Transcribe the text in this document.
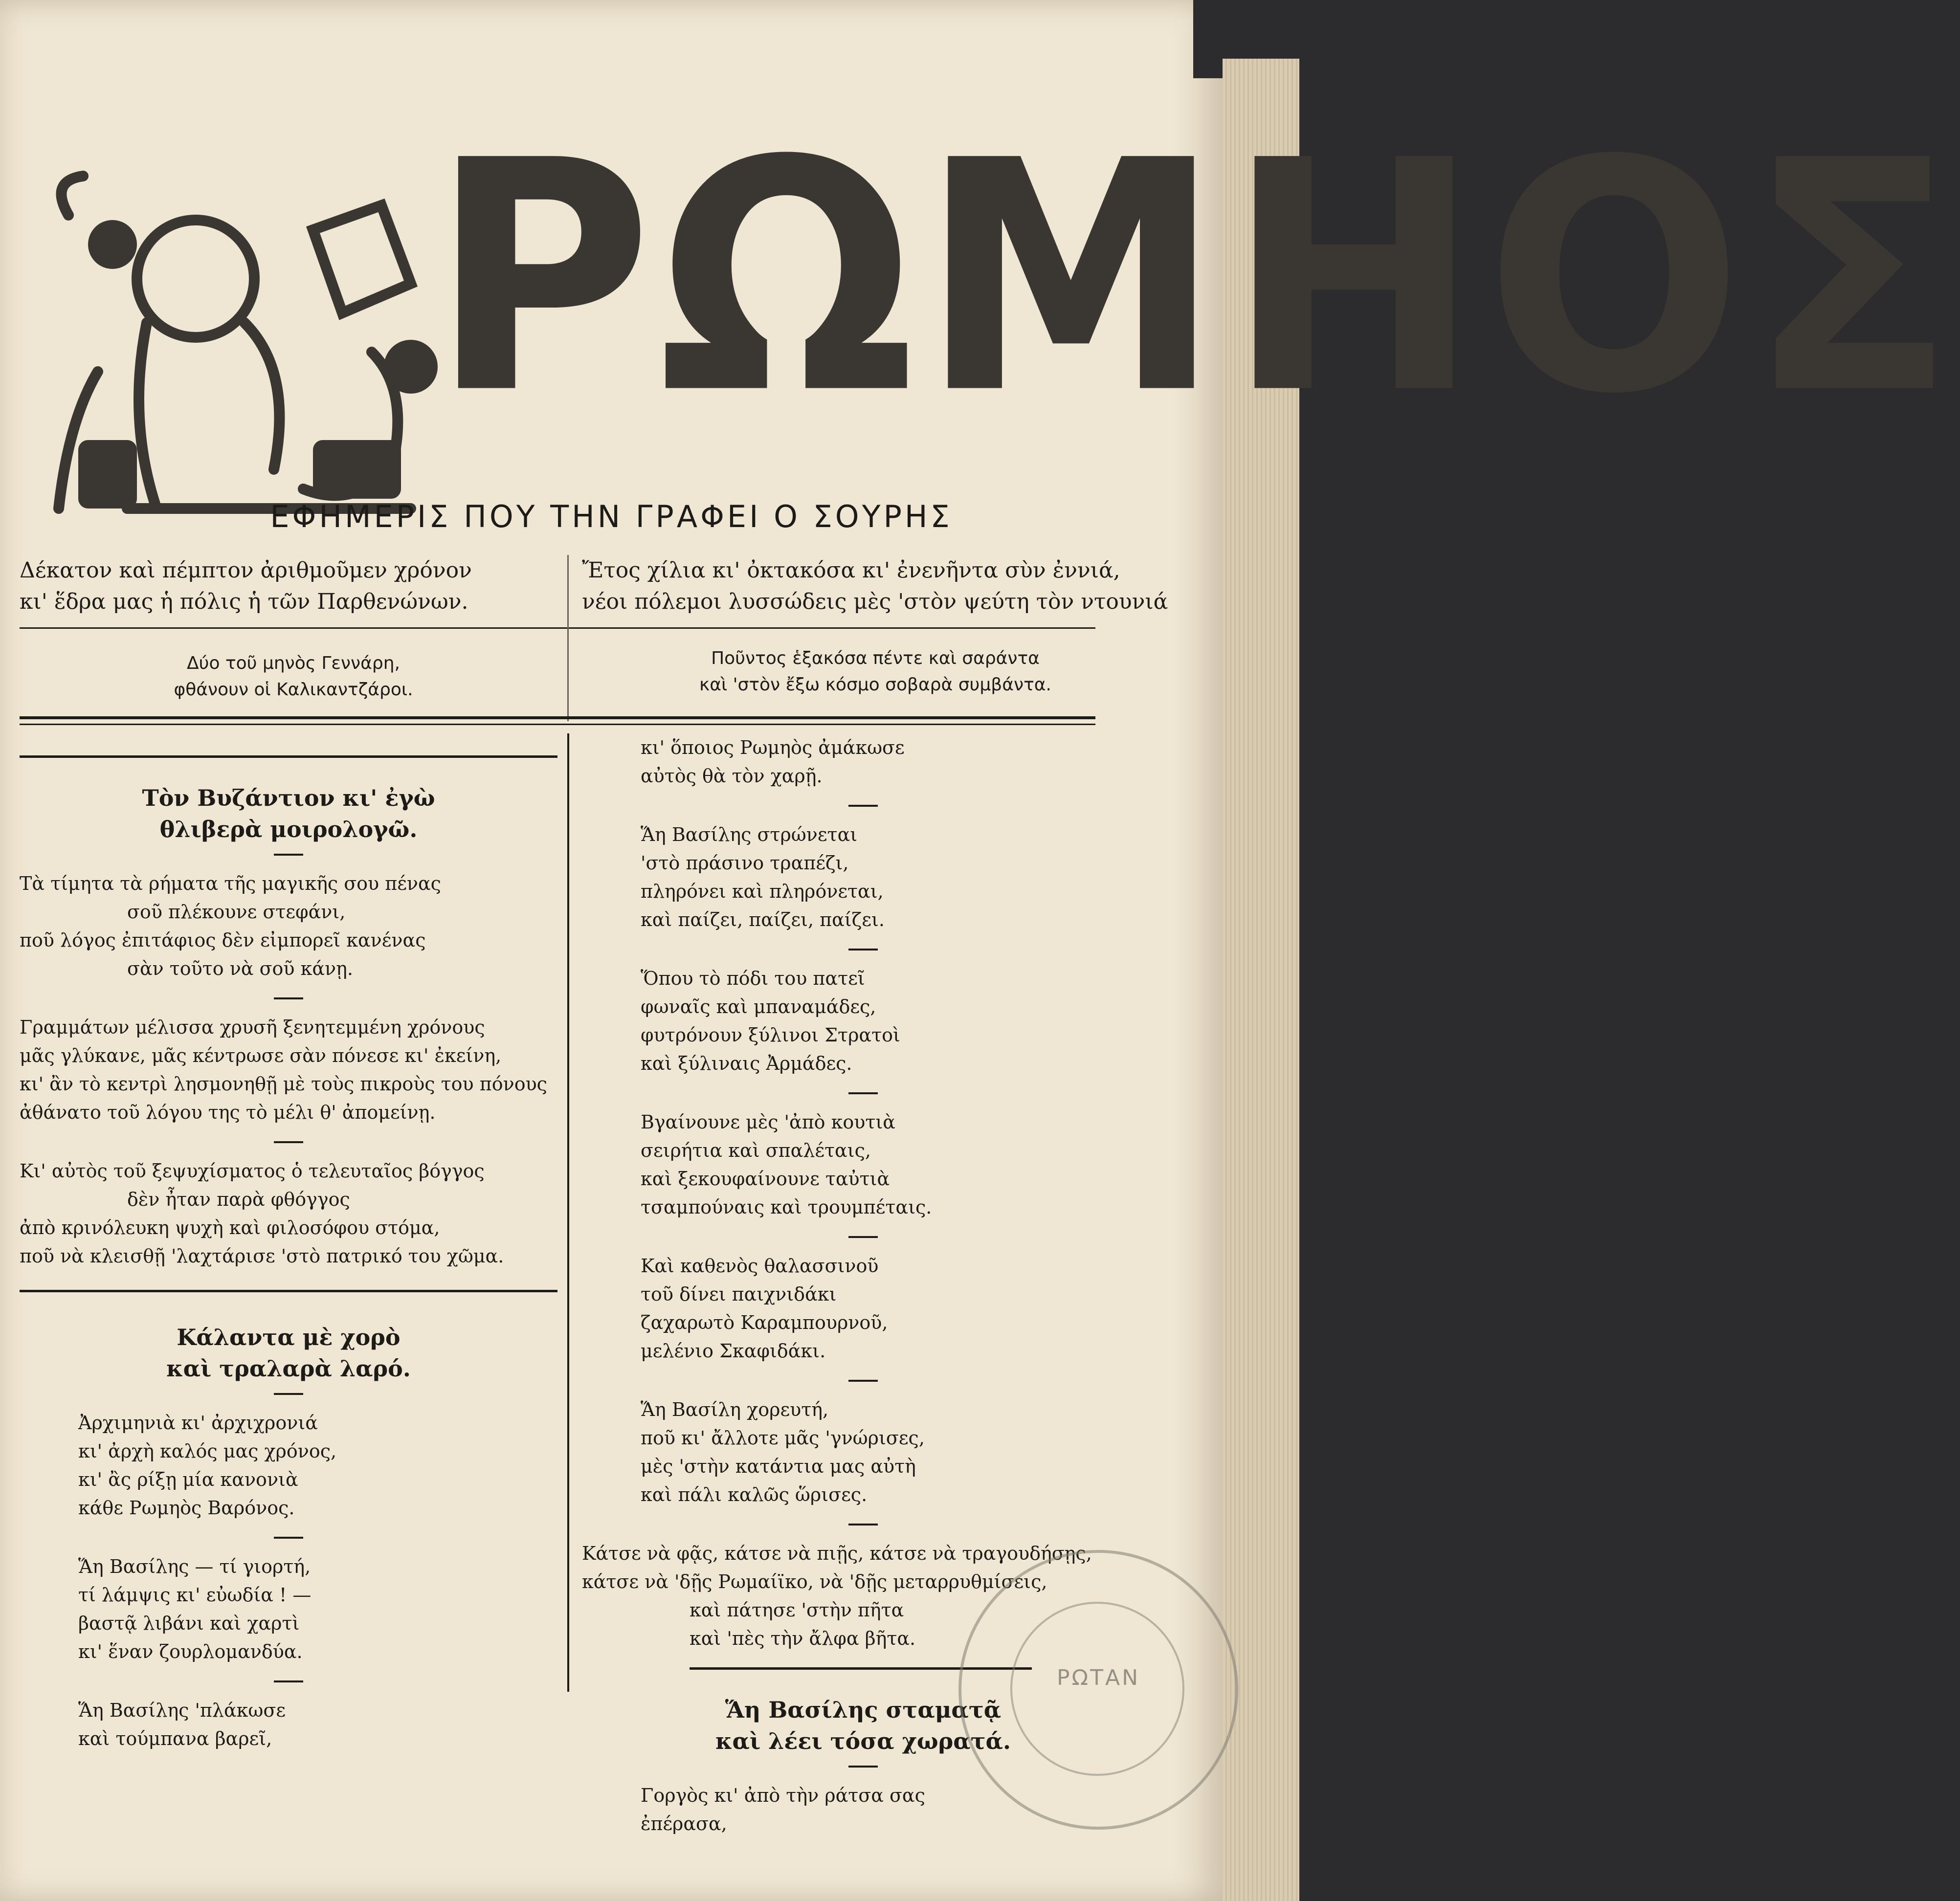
ΡΩΜΗΟΣ
ΕΦΗΜΕΡΙΣ ΠΟΥ ΤΗΝ ΓΡΑΦΕΙ Ο ΣΟΥΡΗΣ
Δέκατον καὶ πέμπτον ἀριθμοῦμεν χρόνον
κι' ἕδρα μας ἡ πόλις ἡ τῶν Παρθενώνων.
Ἔτος χίλια κι' ὀκτακόσα κι' ἐνενῆντα σὺν ἐννιά,
νέοι πόλεμοι λυσσώδεις μὲς 'στὸν ψεύτη τὸν ντουνιά
Δύο τοῦ μηνὸς Γεννάρη,
φθάνουν οἱ Καλικαντζάροι.
Ποῦντος ἑξακόσα πέντε καὶ σαράντα
καὶ 'στὸν ἔξω κόσμο σοβαρὰ συμβάντα.
Τὸν Βυζάντιον κι' ἐγὼ
θλιβερὰ μοιρολογῶ.

Τὰ τίμητα τὰ ρήματα τῆς μαγικῆς σου πένας

σοῦ πλέκουνε στεφάνι,

ποῦ λόγος ἐπιτάφιος δὲν εἰμπορεῖ κανένας

σὰν τοῦτο νὰ σοῦ κάνῃ.

Γραμμάτων μέλισσα χρυσῆ ξενητεμμένη χρόνους

μᾶς γλύκανε, μᾶς κέντρωσε σὰν πόνεσε κι' ἐκείνη,

κι' ἂν τὸ κεντρὶ λησμονηθῇ μὲ τοὺς πικροὺς του πόνους

ἀθάνατο τοῦ λόγου της τὸ μέλι θ' ἀπομείνῃ.

Κι' αὐτὸς τοῦ ξεψυχίσματος ὁ τελευταῖος βόγγος

δὲν ἦταν παρὰ φθόγγος

ἀπὸ κρινόλευκη ψυχὴ καὶ φιλοσόφου στόμα,

ποῦ νὰ κλεισθῇ 'λαχτάρισε 'στὸ πατρικό του χῶμα.

Κάλαντα μὲ χορὸ
καὶ τραλαρὰ λαρό.

Ἀρχιμηνιὰ κι' ἀρχιχρονιά

κι' ἀρχὴ καλός μας χρόνος,

κι' ἂς ρίξῃ μία κανονιὰ

κάθε Ρωμηὸς Βαρόνος.

Ἅη Βασίλης — τί γιορτή,

τί λάμψις κι' εὐωδία ! —

βαστᾷ λιβάνι καὶ χαρτὶ

κι' ἕναν ζουρλομανδύα.

Ἅη Βασίλης 'πλάκωσε

καὶ τούμπανα βαρεῖ,

κι' ὅποιος Ρωμηὸς ἀμάκωσε

αὐτὸς θὰ τὸν χαρῇ.

Ἅη Βασίλης στρώνεται

'στὸ πράσινο τραπέζι,

πληρόνει καὶ πληρόνεται,

καὶ παίζει, παίζει, παίζει.

Ὅπου τὸ πόδι του πατεῖ

φωναῖς καὶ μπαναμάδες,

φυτρόνουν ξύλινοι Στρατοὶ

καὶ ξύλιναις Ἀρμάδες.

Βγαίνουνε μὲς 'ἀπὸ κουτιὰ

σειρήτια καὶ σπαλέταις,

καὶ ξεκουφαίνουνε ταὐτιὰ

τσαμπούναις καὶ τρουμπέταις.

Καὶ καθενὸς θαλασσινοῦ

τοῦ δίνει παιχνιδάκι

ζαχαρωτὸ Καραμπουρνοῦ,

μελένιο Σκαφιδάκι.

Ἅη Βασίλη χορευτή,

ποῦ κι' ἄλλοτε μᾶς 'γνώρισες,

μὲς 'στὴν κατάντια μας αὐτὴ

καὶ πάλι καλῶς ὥρισες.

Κάτσε νὰ φᾷς, κάτσε νὰ πιῇς, κάτσε νὰ τραγουδήσῃς,

κάτσε νὰ 'δῇς Ρωμαίϊκο, νὰ 'δῇς μεταρρυθμίσεις,

καὶ πάτησε 'στὴν πῆτα

καὶ 'πὲς τὴν ἄλφα βῆτα.

Ἅη Βασίλης σταματᾷ
καὶ λέει τόσα χωρατά.

Γοργὸς κι' ἀπὸ τὴν ράτσα σας

ἐπέρασα,

ΡΩΤΑΝ
